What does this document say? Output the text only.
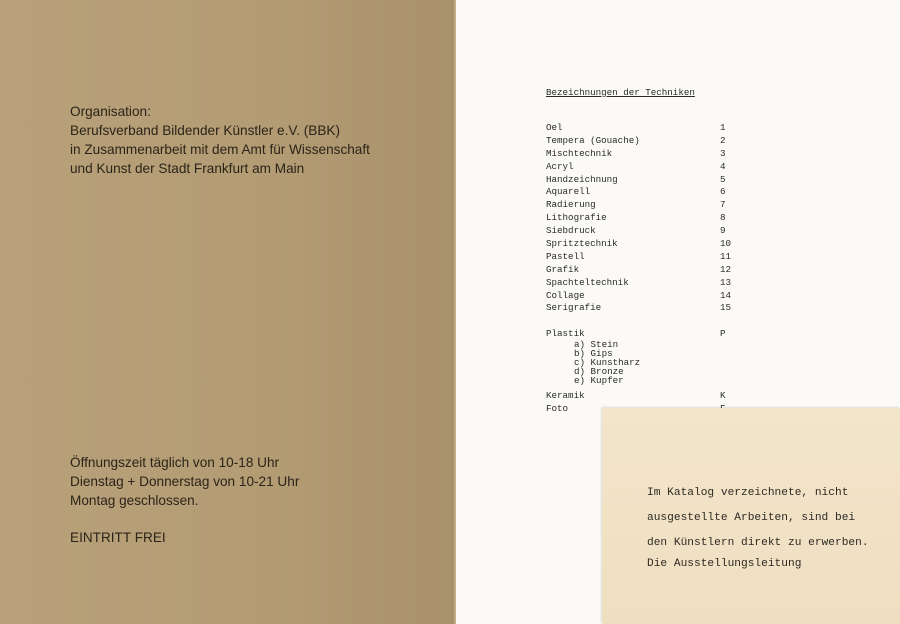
Organisation:
Berufsverband Bildender Künstler e.V. (BBK)
in Zusammenarbeit mit dem Amt für Wissenschaft
und Kunst der Stadt Frankfurt am Main
Öffnungszeit täglich von 10-18 Uhr
Dienstag + Donnerstag von 10-21 Uhr
Montag geschlossen.
EINTRITT FREI
Bezeichnungen der Techniken
Oel	1
Tempera (Gouache)	2
Mischtechnik	3
Acryl	4
Handzeichnung	5
Aquarell	6
Radierung	7
Lithografie	8
Siebdruck	9
Spritztechnik	10
Pastell	11
Grafik	12
Spachteltechnik	13
Collage	14
Serigrafie	15
Plastik	P
a) Stein
b) Gips
c) Kunstharz
d) Bronze
e) Kupfer
Keramik	K
Foto
Im Katalog verzeichnete, nicht
ausgestellte Arbeiten, sind bei
den Künstlern direkt zu erwerben.
Die Ausstellungsleitung
